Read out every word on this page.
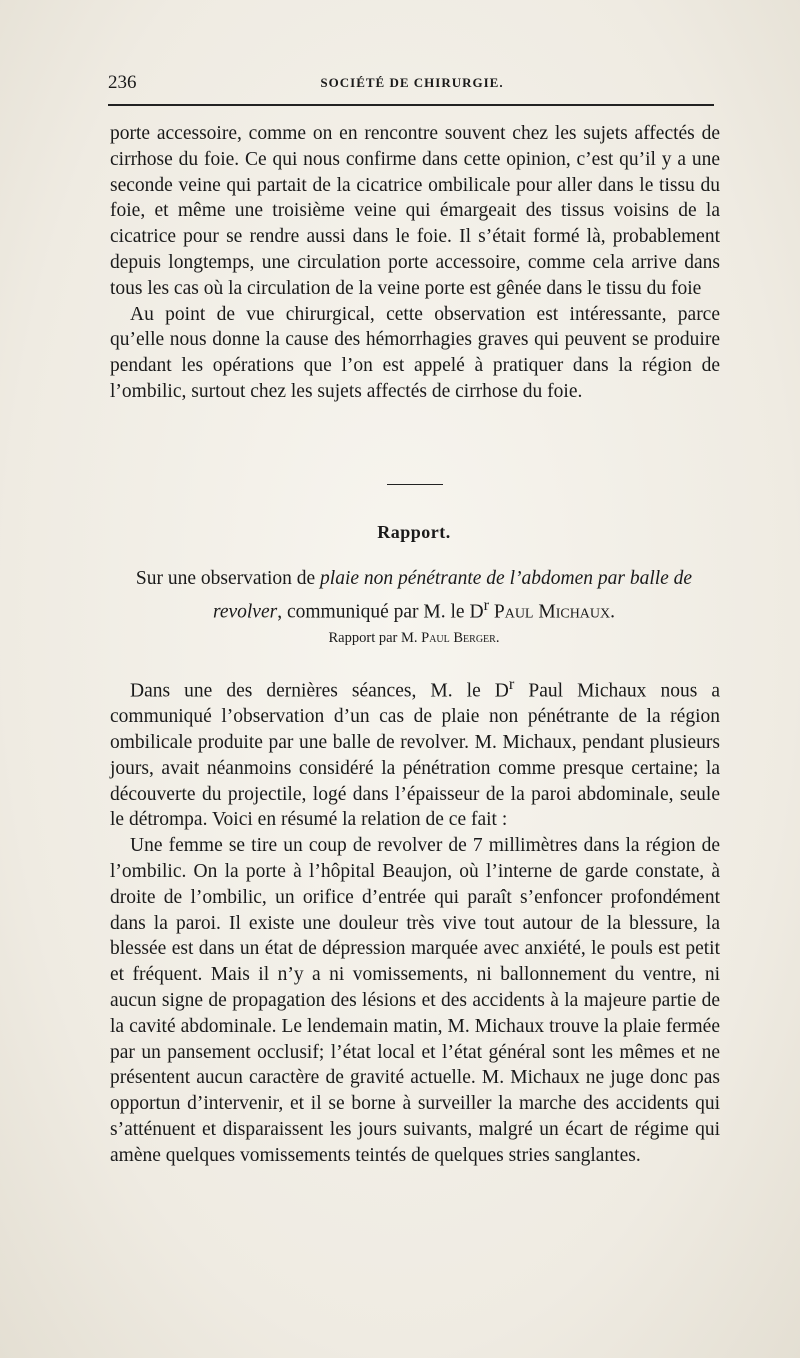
236	SOCIÉTÉ DE CHIRURGIE.

porte accessoire, comme on en rencontre souvent chez les sujets affectés de cirrhose du foie. Ce qui nous confirme dans cette opinion, c’est qu’il y a une seconde veine qui partait de la cicatrice ombilicale pour aller dans le tissu du foie, et même une troisième veine qui émargeait des tissus voisins de la cicatrice pour se rendre aussi dans le foie. Il s’était formé là, probablement depuis longtemps, une circulation porte accessoire, comme cela arrive dans tous les cas où la circulation de la veine porte est gênée dans le tissu du foie

Au point de vue chirurgical, cette observation est intéressante, parce qu’elle nous donne la cause des hémorrhagies graves qui peuvent se produire pendant les opérations que l’on est appelé à pratiquer dans la région de l’ombilic, surtout chez les sujets affectés de cirrhose du foie.

Rapport.
Sur une observation de plaie non pénétrante de l’abdomen par balle de revolver, communiqué par M. le $D^r$ Paul Michaux.
Rapport par M. Paul Berger.

Dans une des dernières séances, M. le $D^r$ Paul Michaux nous a communiqué l’observation d’un cas de plaie non pénétrante de la région ombilicale produite par une balle de revolver. M. Michaux, pendant plusieurs jours, avait néanmoins considéré la pénétration comme presque certaine; la découverte du projectile, logé dans l’épaisseur de la paroi abdominale, seule le détrompa. Voici en résumé la relation de ce fait :

Une femme se tire un coup de revolver de 7 millimètres dans la région de l’ombilic. On la porte à l’hôpital Beaujon, où l’interne de garde constate, à droite de l’ombilic, un orifice d’entrée qui paraît s’enfoncer profondément dans la paroi. Il existe une douleur très vive tout autour de la blessure, la blessée est dans un état de dépression marquée avec anxiété, le pouls est petit et fréquent. Mais il n’y a ni vomissements, ni ballonnement du ventre, ni aucun signe de propagation des lésions et des accidents à la majeure partie de la cavité abdominale. Le lendemain matin, M. Michaux trouve la plaie fermée par un pansement occlusif; l’état local et l’état général sont les mêmes et ne présentent aucun caractère de gravité actuelle. M. Michaux ne juge donc pas opportun d’intervenir, et il se borne à surveiller la marche des accidents qui s’atténuent et disparaissent les jours suivants, malgré un écart de régime qui amène quelques vomissements teintés de quelques stries sanglantes.
